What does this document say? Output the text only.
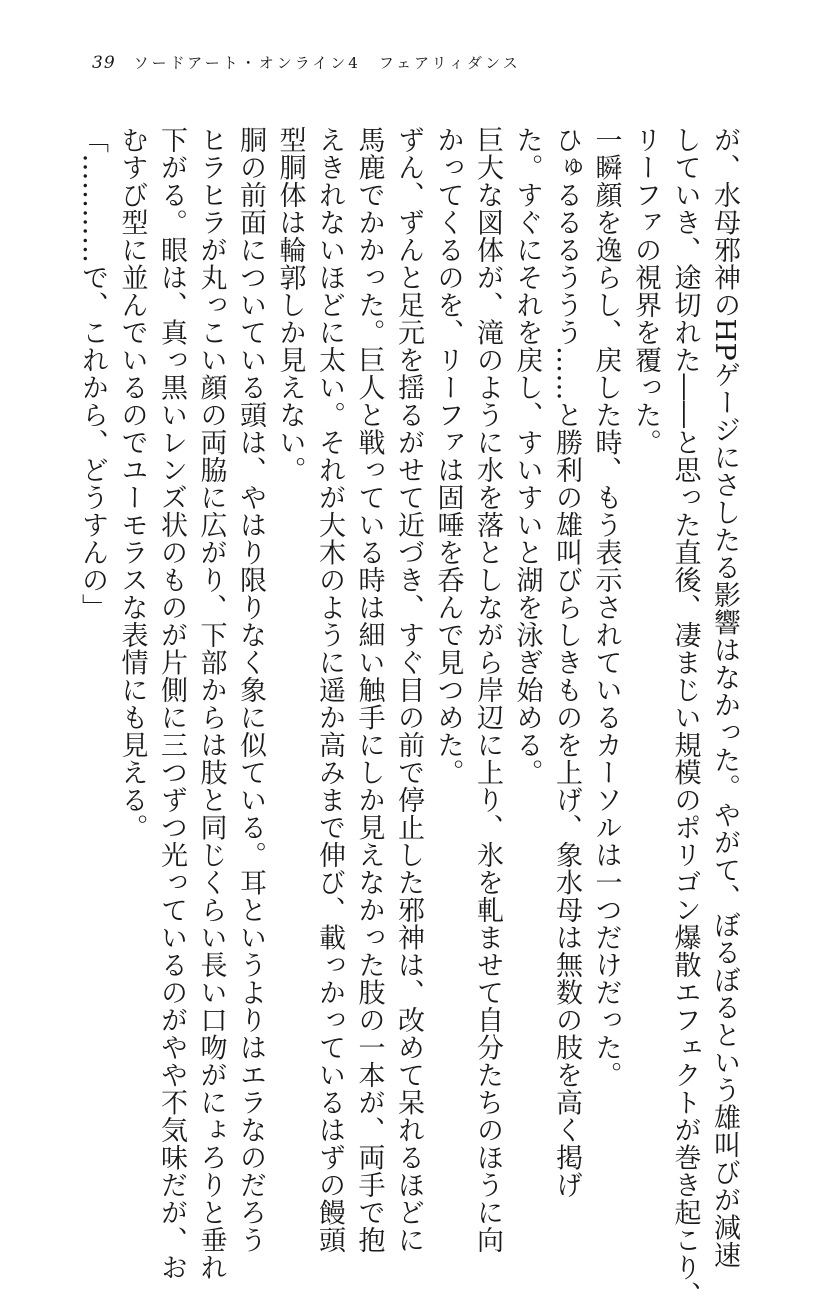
39 ソードアート・オンライン4　フェアリィダンス
が、水母邪神のHPゲージにさしたる影響はなかった。やがて、ぼるぼるという雄叫びが減速
していき、途切れた――と思った直後、凄まじい規模のポリゴン爆散エフェクトが巻き起こり、
リーファの視界を覆った。
一瞬顔を逸らし、戻した時、もう表示されているカーソルは一つだけだった。
ひゅるるるううう……と勝利の雄叫びらしきものを上げ、象水母は無数の肢を高く掲げ
た。すぐにそれを戻し、すいすいと湖を泳ぎ始める。
巨大な図体が、滝のように水を落としながら岸辺に上り、氷を軋ませて自分たちのほうに向
かってくるのを、リーファは固唾を呑んで見つめた。
ずん、ずんと足元を揺るがせて近づき、すぐ目の前で停止した邪神は、改めて呆れるほどに
馬鹿でかかった。巨人と戦っている時は細い触手にしか見えなかった肢の一本が、両手で抱
えきれないほどに太い。それが大木のように遥か高みまで伸び、載っかっているはずの饅頭
型胴体は輪郭しか見えない。
胴の前面についている頭は、やはり限りなく象に似ている。耳というよりはエラなのだろう
ヒラヒラが丸っこい顔の両脇に広がり、下部からは肢と同じくらい長い口吻がにょろりと垂れ
下がる。眼は、真っ黒いレンズ状のものが片側に三つずつ光っているのがやや不気味だが、お
むすび型に並んでいるのでユーモラスな表情にも見える。
「…………で、これから、どうすんの」
